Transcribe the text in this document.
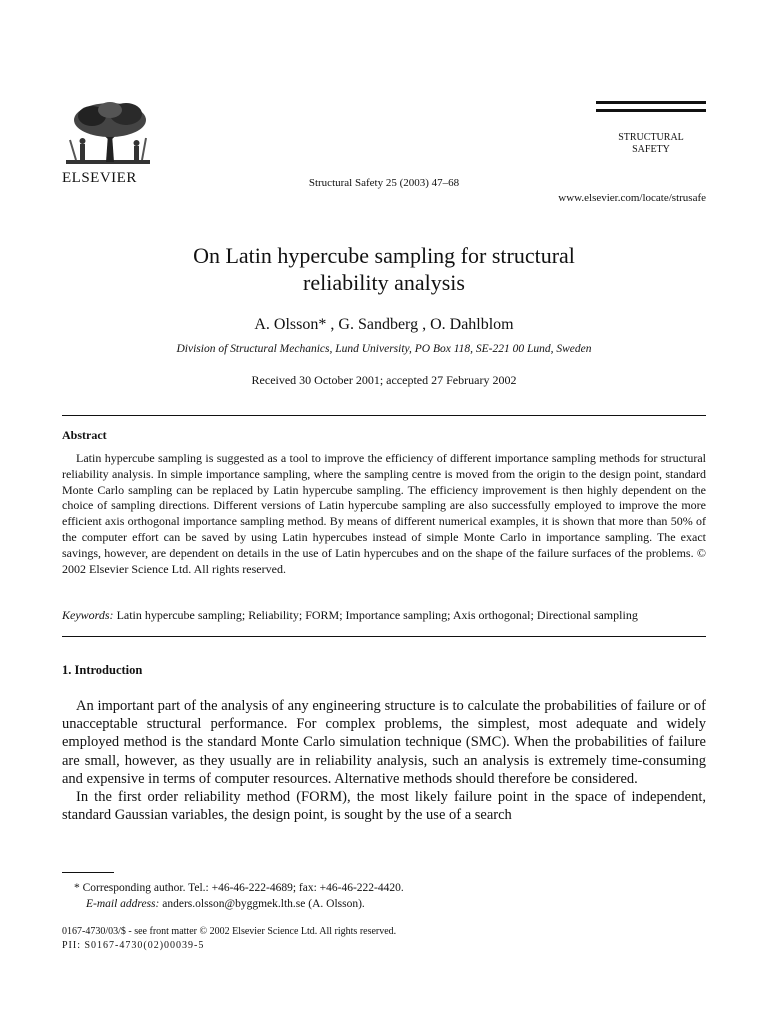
ELSEVIER
STRUCTURAL
SAFETY
Structural Safety 25 (2003) 47–68
www.elsevier.com/locate/strusafe
On Latin hypercube sampling for structural
reliability analysis
A. Olsson* , G. Sandberg , O. Dahlblom
Division of Structural Mechanics, Lund University, PO Box 118, SE-221 00 Lund, Sweden
Received 30 October 2001; accepted 27 February 2002
Abstract
Latin hypercube sampling is suggested as a tool to improve the efficiency of different importance sampling methods for structural reliability analysis. In simple importance sampling, where the sampling centre is moved from the origin to the design point, standard Monte Carlo sampling can be replaced by Latin hypercube sampling. The efficiency improvement is then highly dependent on the choice of sampling directions. Different versions of Latin hypercube sampling are also successfully employed to improve the more efficient axis orthogonal importance sampling method. By means of different numerical examples, it is shown that more than 50% of the computer effort can be saved by using Latin hypercubes instead of simple Monte Carlo in importance sampling. The exact savings, however, are dependent on details in the use of Latin hypercubes and on the shape of the failure surfaces of the problems. © 2002 Elsevier Science Ltd. All rights reserved.
Keywords: Latin hypercube sampling; Reliability; FORM; Importance sampling; Axis orthogonal; Directional sampling
1. Introduction

An important part of the analysis of any engineering structure is to calculate the probabilities of failure or of unacceptable structural performance. For complex problems, the simplest, most adequate and widely employed method is the standard Monte Carlo simulation technique (SMC). When the probabilities of failure are small, however, as they usually are in reliability analysis, such an analysis is extremely time-consuming and expensive in terms of computer resources. Alternative methods should therefore be considered.

In the first order reliability method (FORM), the most likely failure point in the space of independent, standard Gaussian variables, the design point, is sought by the use of a search

* Corresponding author. Tel.: +46-46-222-4689; fax: +46-46-222-4420.
E-mail address: anders.olsson@byggmek.lth.se (A. Olsson).
0167-4730/03/$ - see front matter © 2002 Elsevier Science Ltd. All rights reserved.
PII: S0167-4730(02)00039-5
